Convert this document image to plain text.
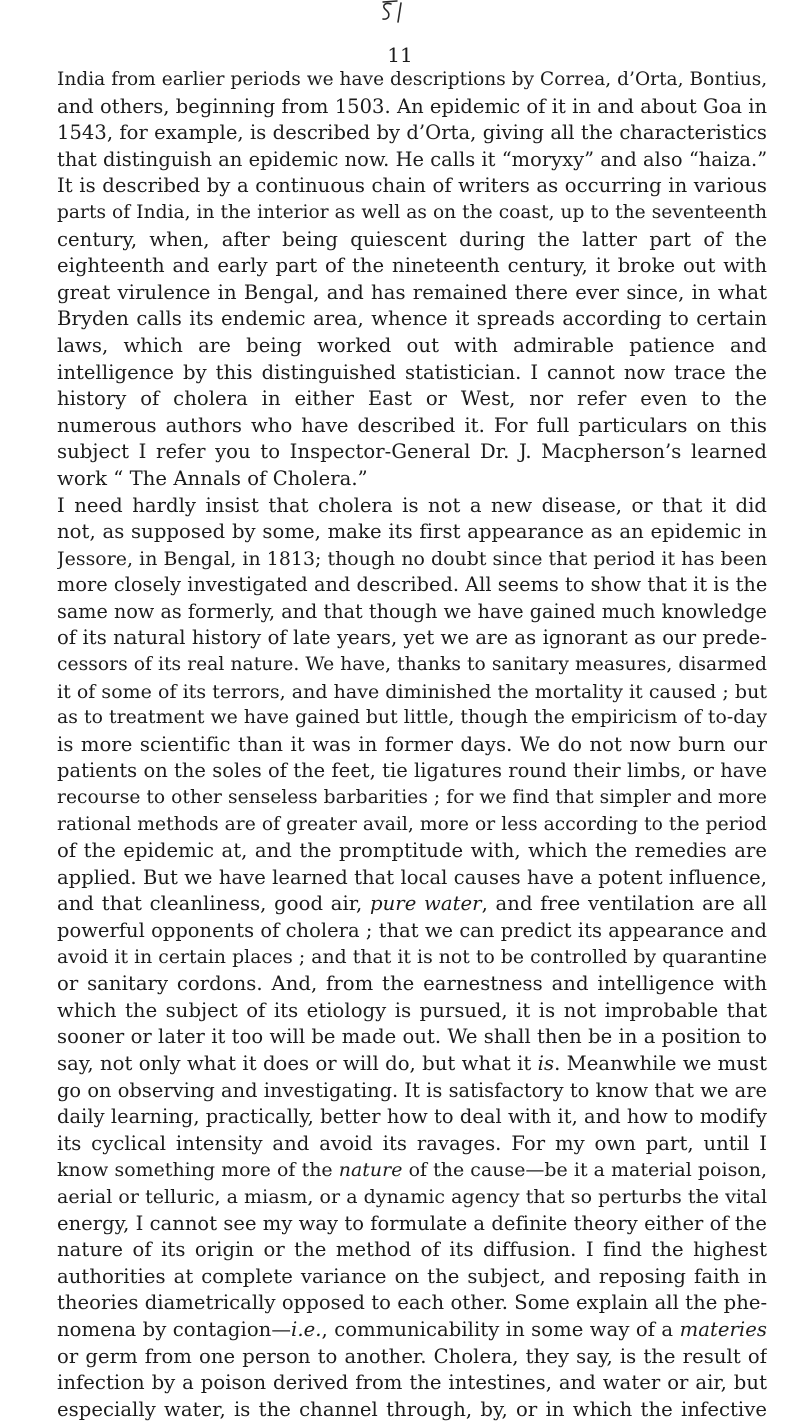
11
India from earlier periods we have descriptions by Correa, d’Orta, Bontius,
and others, beginning from 1503. An epidemic of it in and about Goa in
1543, for example, is described by d’Orta, giving all the characteristics
that distinguish an epidemic now. He calls it “moryxy” and also “haiza.”
It is described by a continuous chain of writers as occurring in various
parts of India, in the interior as well as on the coast, up to the seventeenth
century, when, after being quiescent during the latter part of the
eighteenth and early part of the nineteenth century, it broke out with
great virulence in Bengal, and has remained there ever since, in what
Bryden calls its endemic area, whence it spreads according to certain
laws, which are being worked out with admirable patience and
intelligence by this distinguished statistician. I cannot now trace the
history of cholera in either East or West, nor refer even to the
numerous authors who have described it. For full particulars on this
subject I refer you to Inspector-General Dr. J. Macpherson’s learned
work “ The Annals of Cholera.”
I need hardly insist that cholera is not a new disease, or that it did
not, as supposed by some, make its first appearance as an epidemic in
Jessore, in Bengal, in 1813; though no doubt since that period it has been
more closely investigated and described. All seems to show that it is the
same now as formerly, and that though we have gained much knowledge
of its natural history of late years, yet we are as ignorant as our prede-
cessors of its real nature. We have, thanks to sanitary measures, disarmed
it of some of its terrors, and have diminished the mortality it caused ; but
as to treatment we have gained but little, though the empiricism of to-day
is more scientific than it was in former days. We do not now burn our
patients on the soles of the feet, tie ligatures round their limbs, or have
recourse to other senseless barbarities ; for we find that simpler and more
rational methods are of greater avail, more or less according to the period
of the epidemic at, and the promptitude with, which the remedies are
applied. But we have learned that local causes have a potent influence,
and that cleanliness, good air, pure water, and free ventilation are all
powerful opponents of cholera ; that we can predict its appearance and
avoid it in certain places ; and that it is not to be controlled by quarantine
or sanitary cordons. And, from the earnestness and intelligence with
which the subject of its etiology is pursued, it is not improbable that
sooner or later it too will be made out. We shall then be in a position to
say, not only what it does or will do, but what it is. Meanwhile we must
go on observing and investigating. It is satisfactory to know that we are
daily learning, practically, better how to deal with it, and how to modify
its cyclical intensity and avoid its ravages. For my own part, until I
know something more of the nature of the cause—be it a material poison,
aerial or telluric, a miasm, or a dynamic agency that so perturbs the vital
energy, I cannot see my way to formulate a definite theory either of the
nature of its origin or the method of its diffusion. I find the highest
authorities at complete variance on the subject, and reposing faith in
theories diametrically opposed to each other. Some explain all the phe-
nomena by contagion—i.e., communicability in some way of a materies
or germ from one person to another. Cholera, they say, is the result of
infection by a poison derived from the intestines, and water or air, but
especially water, is the channel through, by, or in which the infective
